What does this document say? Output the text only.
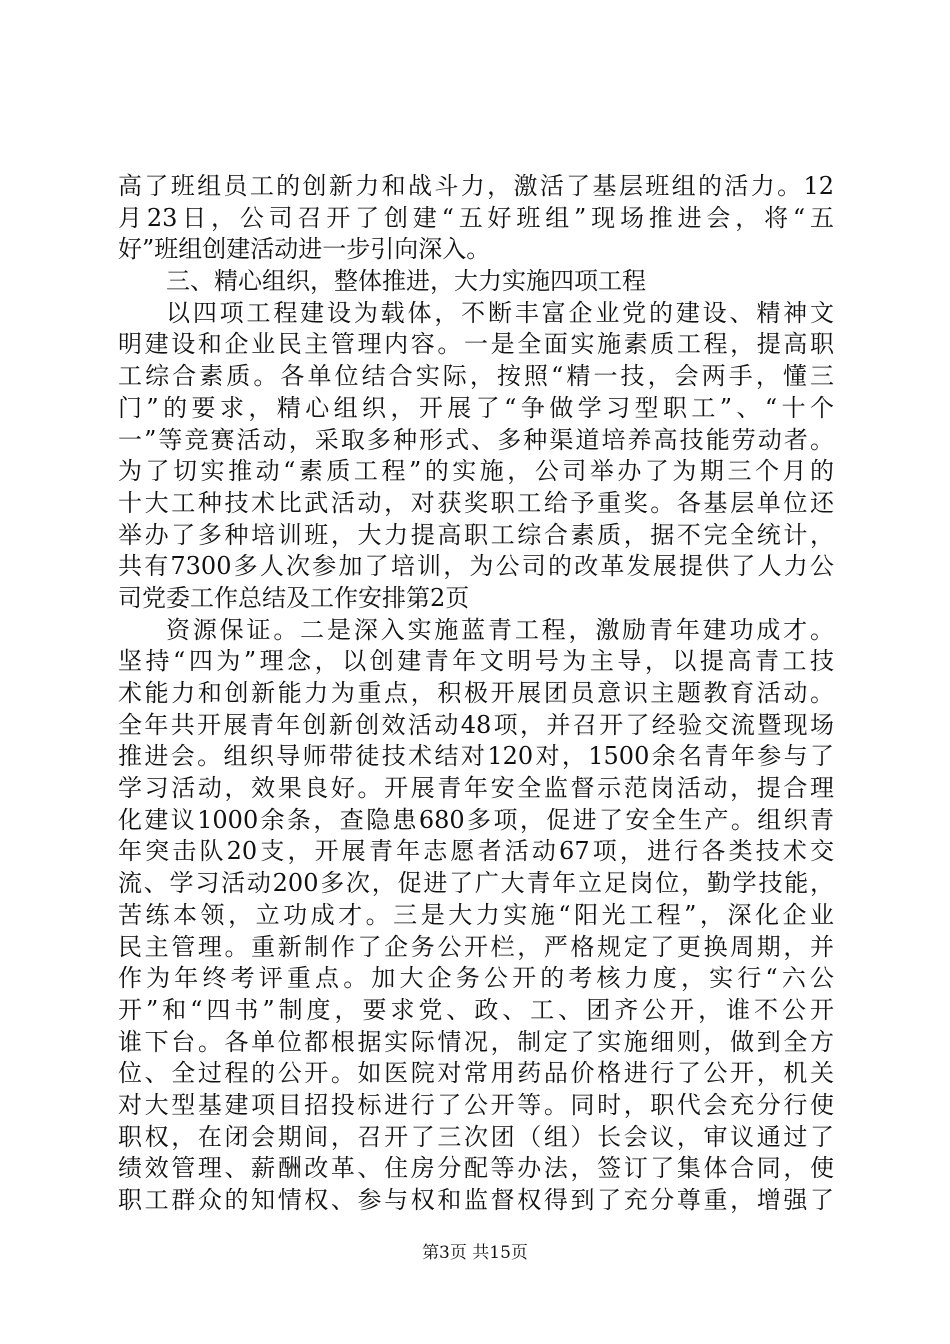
高了班组员工的创新力和战斗力，激活了基层班组的活力。12
月23日，公司召开了创建“五好班组”现场推进会，将“五
好”班组创建活动进一步引向深入。
三、精心组织，整体推进，大力实施四项工程
以四项工程建设为载体，不断丰富企业党的建设、精神文
明建设和企业民主管理内容。一是全面实施素质工程，提高职
工综合素质。各单位结合实际，按照“精一技，会两手，懂三
门”的要求，精心组织，开展了“争做学习型职工”、“十个
一”等竞赛活动，采取多种形式、多种渠道培养高技能劳动者。
为了切实推动“素质工程”的实施，公司举办了为期三个月的
十大工种技术比武活动，对获奖职工给予重奖。各基层单位还
举办了多种培训班，大力提高职工综合素质，据不完全统计，
共有7300多人次参加了培训，为公司的改革发展提供了人力公
司党委工作总结及工作安排第2页
资源保证。二是深入实施蓝青工程，激励青年建功成才。
坚持“四为”理念，以创建青年文明号为主导，以提高青工技
术能力和创新能力为重点，积极开展团员意识主题教育活动。
全年共开展青年创新创效活动48项，并召开了经验交流暨现场
推进会。组织导师带徒技术结对120对，1500余名青年参与了
学习活动，效果良好。开展青年安全监督示范岗活动，提合理
化建议1000余条，查隐患680多项，促进了安全生产。组织青
年突击队20支，开展青年志愿者活动67项，进行各类技术交
流、学习活动200多次，促进了广大青年立足岗位，勤学技能，
苦练本领，立功成才。三是大力实施“阳光工程”，深化企业
民主管理。重新制作了企务公开栏，严格规定了更换周期，并
作为年终考评重点。加大企务公开的考核力度，实行“六公
开”和“四书”制度，要求党、政、工、团齐公开，谁不公开
谁下台。各单位都根据实际情况，制定了实施细则，做到全方
位、全过程的公开。如医院对常用药品价格进行了公开，机关
对大型基建项目招投标进行了公开等。同时，职代会充分行使
职权，在闭会期间，召开了三次团（组）长会议，审议通过了
绩效管理、薪酬改革、住房分配等办法，签订了集体合同，使
职工群众的知情权、参与权和监督权得到了充分尊重，增强了
第3页 共15页
